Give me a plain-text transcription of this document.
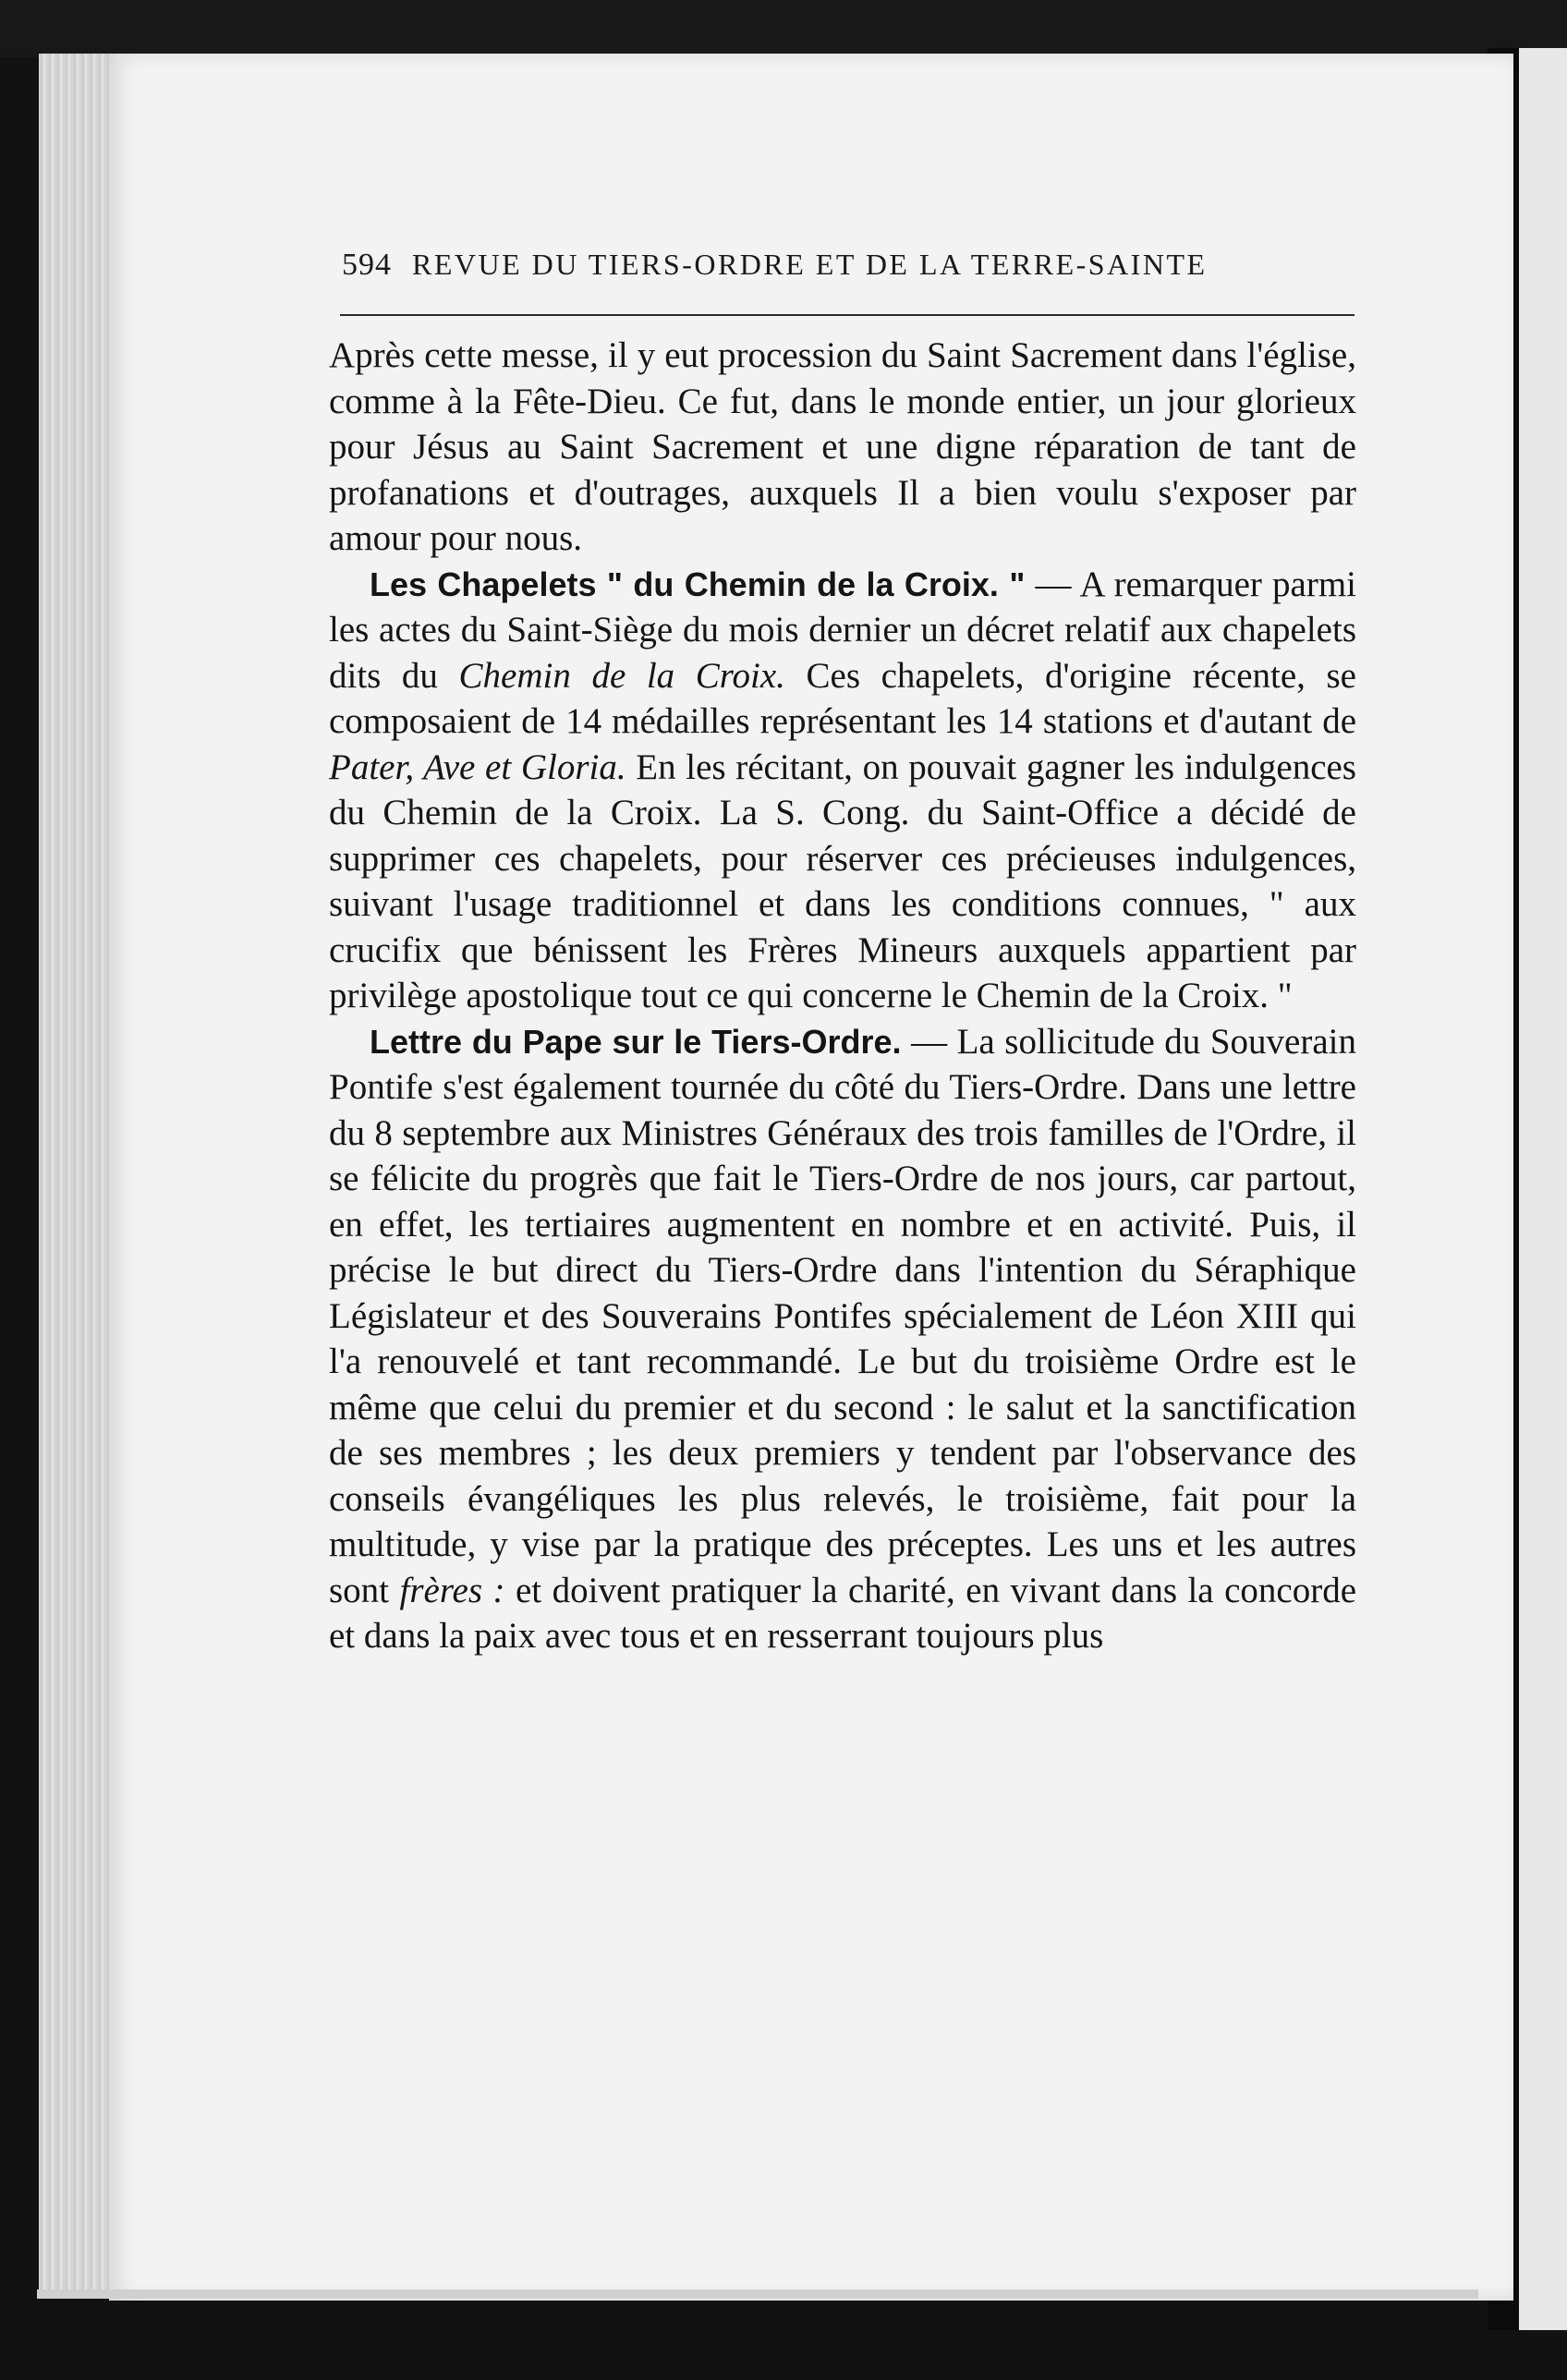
594 REVUE DU TIERS-ORDRE ET DE LA TERRE-SAINTE

Après cette messe, il y eut procession du Saint Sacrement dans l'église, comme à la Fête-Dieu. Ce fut, dans le monde entier, un jour glorieux pour Jésus au Saint Sacrement et une digne réparation de tant de profanations et d'outrages, auxquels Il a bien voulu s'exposer par amour pour nous.

Les Chapelets " du Chemin de la Croix. " — A remarquer parmi les actes du Saint-Siège du mois dernier un décret relatif aux chapelets dits du Chemin de la Croix. Ces chapelets, d'origine récente, se composaient de 14 médailles représentant les 14 stations et d'autant de Pater, Ave et Gloria. En les récitant, on pouvait gagner les indulgences du Chemin de la Croix. La S. Cong. du Saint-Office a décidé de supprimer ces chapelets, pour réserver ces précieuses indulgences, suivant l'usage traditionnel et dans les conditions connues, " aux crucifix que bénissent les Frères Mineurs auxquels appartient par privilège apostolique tout ce qui concerne le Chemin de la Croix. "

Lettre du Pape sur le Tiers-Ordre. — La sollicitude du Souverain Pontife s'est également tournée du côté du Tiers-Ordre. Dans une lettre du 8 septembre aux Ministres Généraux des trois familles de l'Ordre, il se félicite du progrès que fait le Tiers-Ordre de nos jours, car partout, en effet, les tertiaires augmentent en nombre et en activité. Puis, il précise le but direct du Tiers-Ordre dans l'intention du Séraphique Législateur et des Souverains Pontifes spécialement de Léon XIII qui l'a renouvelé et tant recommandé. Le but du troisième Ordre est le même que celui du premier et du second : le salut et la sanctification de ses membres ; les deux premiers y tendent par l'observance des conseils évangéliques les plus relevés, le troisième, fait pour la multitude, y vise par la pratique des préceptes. Les uns et les autres sont frères : et doivent pratiquer la charité, en vivant dans la concorde et dans la paix avec tous et en resserrant toujours plus
